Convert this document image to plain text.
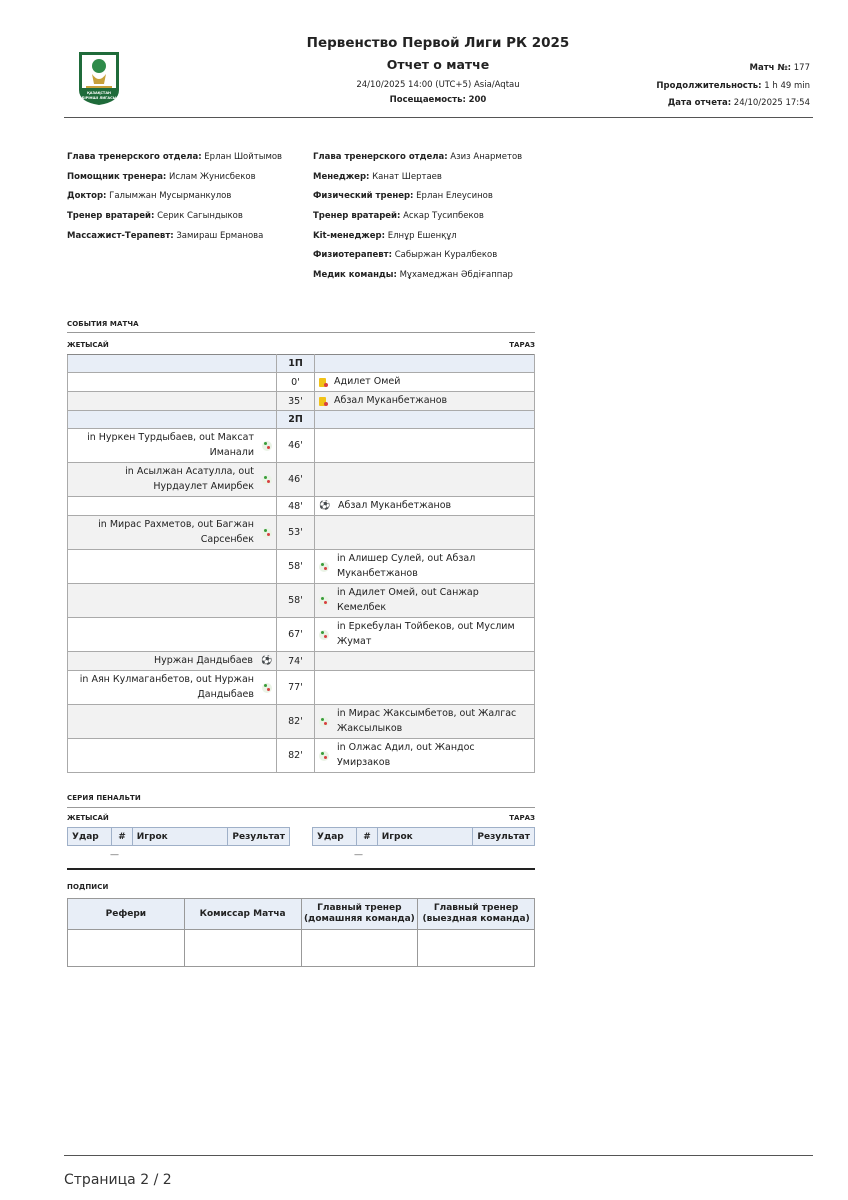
ҚАЗАҚСТАН
БІРІНШІ ЛИГАСЫ
Первенство Первой Лиги РК 2025
Отчет о матче
24/10/2025 14:00 (UTC+5) Asia/Aqtau
Посещаемость: 200
Матч №: 177
Продолжительность: 1 h 49 min
Дата отчета: 24/10/2025 17:54
Глава тренерского отдела: Ерлан Шойтымов
Помощник тренера: Ислам Жунисбеков
Доктор: Галымжан Мусырманкулов
Тренер вратарей: Серик Сагындыков
Массажист-Терапевт: Замираш Ерманова
Глава тренерского отдела: Азиз Анарметов
Менеджер: Канат Шертаев
Физический тренер: Ерлан Елеусинов
Тренер вратарей: Аскар Тусипбеков
Kit-менеджер: Елнұр Ешенқұл
Физиотерапевт: Сабыржан Куралбеков
Медик команды: Мұхамеджан Әбдіғаппар
СОБЫТИЯ МАТЧА
ЖЕТЫСАЙ	ТАРАЗ
	1П	
	0'	Адилет Омей

	35'	Абзал Муканбетжанов

	2П	

in Нуркен Турдыбаев, out Максат Иманали	46'	

in Асылжан Асатулла, out Нурдаулет Амирбек	46'	
	48'	⚽ Абзал Муканбетжанов

in Мирас Рахметов, out Багжан Сарсенбек	53'	
	58'	in Алишер Сулей, out Абзал Муканбетжанов

	58'	in Адилет Омей, out Санжар Кемелбек

	67'	in Еркебулан Тойбеков, out Муслим Жумат

Нуржан Дандыбаев ⚽	74'	

in Аян Кулмаганбетов, out Нуржан Дандыбаев	77'	
	82'	in Мирас Жаксымбетов, out Жалгас Жаксылыков

	82'	in Олжас Адил, out Жандос Умирзаков
СЕРИЯ ПЕНАЛЬТИ
ЖЕТЫСАЙ	ТАРАЗ
Удар	#	Игрок	Результат	Удар	#	Игрок	Результат
—	—
ПОДПИСИ
Рефери	Комиссар Матча	Главный тренер (домашняя команда)	Главный тренер (выездная команда)

Страница 2 / 2
